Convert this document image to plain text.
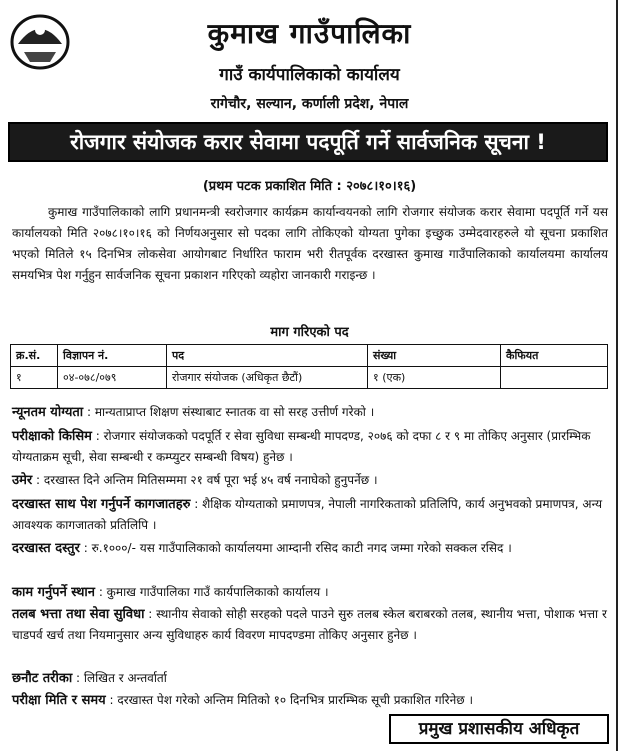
कुमाख गाउँपालिका
गाउँ कार्यपालिकाको कार्यालय
रागेचौर, सल्यान, कर्णाली प्रदेश, नेपाल
रोजगार संयोजक करार सेवामा पदपूर्ति गर्ने सार्वजनिक सूचना !
(प्रथम पटक प्रकाशित मिति : २०७८।१०।१६)
कुमाख गाउँपालिकाको लागि प्रधानमन्त्री स्वरोजगार कार्यक्रम कार्यान्वयनको लागि रोजगार संयोजक करार सेवामा पदपूर्ति गर्ने यस कार्यालयको मिति २०७८।१०।१६ को निर्णयअनुसार सो पदका लागि तोकिएको योग्यता पुगेका इच्छुक उम्मेदवारहरुले यो सूचना प्रकाशित भएको मितिले १५ दिनभित्र लोकसेवा आयोगबाट निर्धारित फाराम भरी रीतपूर्वक दरखास्त कुमाख गाउँपालिकाको कार्यालयमा कार्यालय समयभित्र पेश गर्नुहुन सार्वजनिक सूचना प्रकाशन गरिएको व्यहोरा जानकारी गराइन्छ ।
माग गरिएको पद
क्र.सं.	विज्ञापन नं.	पद	संख्या	कैफियत
१	०४-०७८/०७९	रोजगार संयोजक (अधिकृत छैटौं)	१ (एक)	
न्यूनतम योग्यता : मान्यताप्राप्त शिक्षण संस्थाबाट स्नातक वा सो सरह उत्तीर्ण गरेको ।
परीक्षाको किसिम : रोजगार संयोजकको पदपूर्ति र सेवा सुविधा सम्बन्धी मापदण्ड, २०७६ को दफा ८ र ९ मा तोकिए अनुसार (प्रारम्भिक योग्यताक्रम सूची, सेवा सम्बन्धी र कम्प्युटर सम्बन्धी विषय) हुनेछ ।
उमेर : दरखास्त दिने अन्तिम मितिसम्ममा २१ वर्ष पूरा भई ४५ वर्ष ननाघेको हुनुपर्नेछ ।
दरखास्त साथ पेश गर्नुपर्ने कागजातहरु : शैक्षिक योग्यताको प्रमाणपत्र, नेपाली नागरिकताको प्रतिलिपि, कार्य अनुभवको प्रमाणपत्र, अन्य आवश्यक कागजातको प्रतिलिपि ।
दरखास्त दस्तुर : रु.१०००/- यस गाउँपालिकाको कार्यालयमा आम्दानी रसिद काटी नगद जम्मा गरेको सक्कल रसिद ।
काम गर्नुपर्ने स्थान : कुमाख गाउँपालिका गाउँ कार्यपालिकाको कार्यालय ।
तलब भत्ता तथा सेवा सुविधा : स्थानीय सेवाको सोही सरहको पदले पाउने सुरु तलब स्केल बराबरको तलब, स्थानीय भत्ता, पोशाक भत्ता र चाडपर्व खर्च तथा नियमानुसार अन्य सुविधाहरु कार्य विवरण मापदण्डमा तोकिए अनुसार हुनेछ ।
छनौट तरीका : लिखित र अन्तर्वार्ता
परीक्षा मिति र समय : दरखास्त पेश गरेको अन्तिम मितिको १० दिनभित्र प्रारम्भिक सूची प्रकाशित गरिनेछ ।
प्रमुख प्रशासकीय अधिकृत
